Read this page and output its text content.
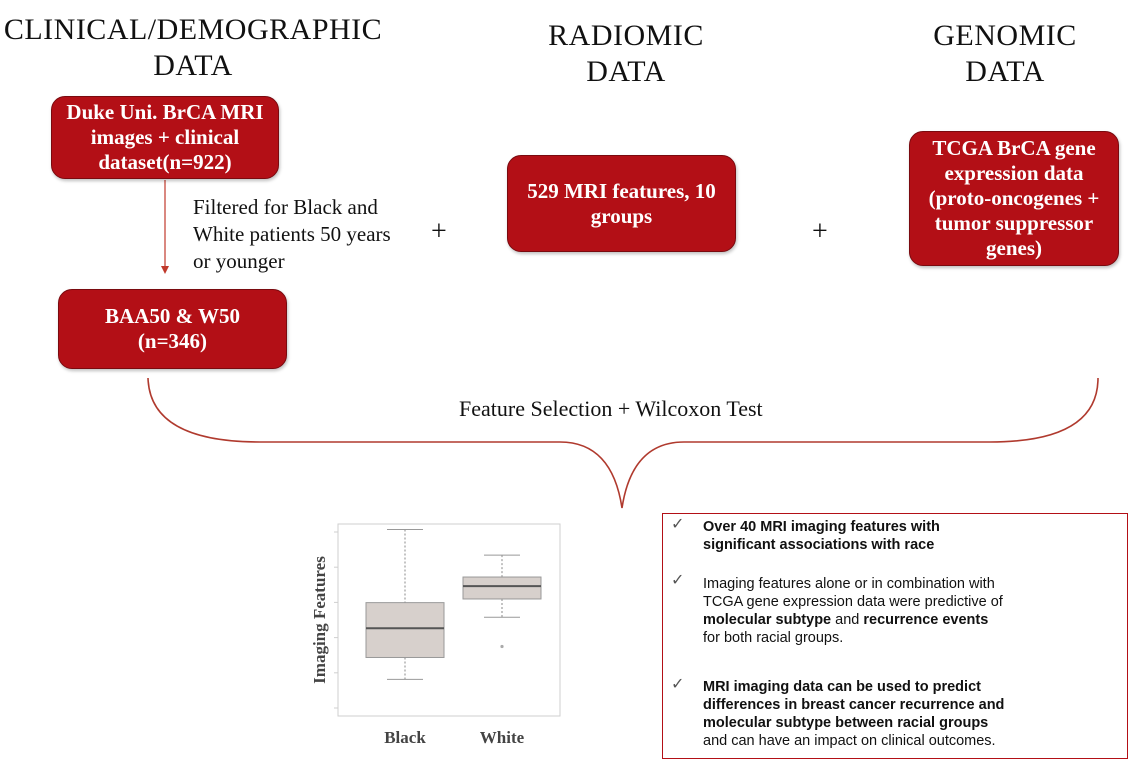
CLINICAL/DEMOGRAPHIC
DATA
RADIOMIC
DATA
GENOMIC
DATA
Duke Uni. BrCA MRI
images + clinical
dataset(n=922)
BAA50 & W50
(n=346)
529 MRI features, 10
groups
TCGA BrCA gene
expression data
(proto-oncogenes +
tumor suppressor
genes)
Filtered for Black and
White patients 50 years
or younger
+	+
Feature Selection + Wilcoxon Test
Black	White
Imaging Features
✓ Over 40 MRI imaging features with
significant associations with race
✓ Imaging features alone or in combination with
TCGA gene expression data were predictive of
molecular subtype and recurrence events
for both racial groups.
✓ MRI imaging data can be used to predict
differences in breast cancer recurrence and
molecular subtype between racial groups
and can have an impact on clinical outcomes.
